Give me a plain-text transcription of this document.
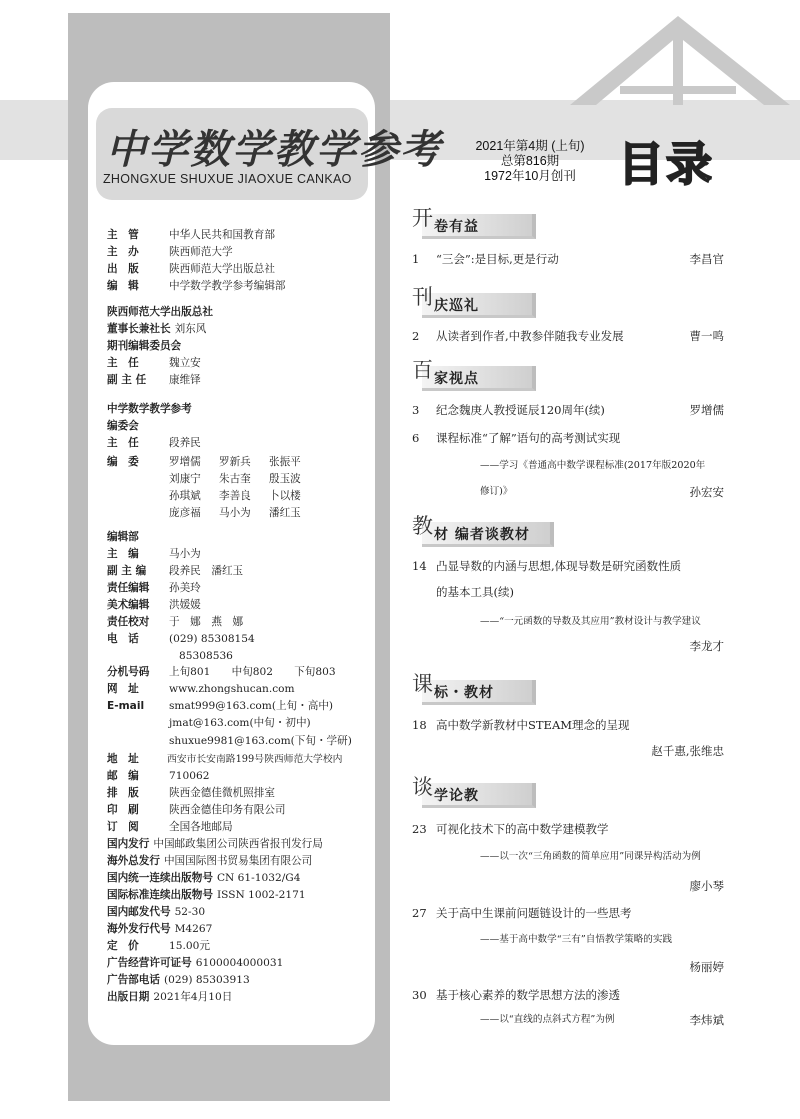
中学数学教学参考
ZHONGXUE SHUXUE JIAOXUE CANKAO
主　管	中华人民共和国教育部
主　办	陕西师范大学
出　版	陕西师范大学出版总社
编　辑	中学数学教学参考编辑部
陕西师范大学出版总社
董事长兼社长 刘东风
期刊编辑委员会
主　任	魏立安
副 主 任 康维铎
中学数学教学参考
编委会
主　任	段养民
编　委	罗增儒 罗新兵 张振平
刘康宁 朱古奎 殷玉波
孙琪斌 李善良 卜以楼
庞彦福 马小为 潘红玉
编辑部
主　编	马小为
副 主 编 段养民　潘红玉
责任编辑 孙美玲
美术编辑 洪媛媛
责任校对 于　娜　燕　娜
电　话	(029) 85308154
85308536
分机号码 上旬801　　中旬802　　下旬803
网　址	www.zhongshucan.com
E-mail smat999@163.com(上旬・高中)
jmat@163.com(中旬・初中)
shuxue9981@163.com(下旬・学研)
地　址	西安市长安南路199号陕西师范大学校内
邮　编	710062
排　版	陕西金德佳微机照排室
印　刷	陕西金德佳印务有限公司
订　阅	全国各地邮局
国内发行 中国邮政集团公司陕西省报刊发行局
海外总发行 中国国际图书贸易集团有限公司
国内统一连续出版物号 CN 61-1032/G4
国际标准连续出版物号 ISSN 1002-2171
国内邮发代号 52-30
海外发行代号 M4267
定　价	15.00元
广告经营许可证号 6100004000031
广告部电话 (029) 85303913
出版日期 2021年4月10日
2021年第4期 (上旬)
总第816期
1972年10月创刊 目录
开 卷有益
刊 庆巡礼
百 家视点
教 材 编者谈教材
课 标・教材
谈 学论教
1 “三会”:是目标,更是行动	李昌官
2 从读者到作者,中教参伴随我专业发展	曹一鸣
3 纪念魏庚人教授诞辰120周年(续)	罗增儒
6 课程标准“了解”语句的高考测试实现
——学习《普通高中数学课程标准(2017年版2020年
修订)》	孙宏安
14 凸显导数的内涵与思想,体现导数是研究函数性质
的基本工具(续)
——“一元函数的导数及其应用”教材设计与教学建议
李龙才
18 高中数学新教材中STEAM理念的呈现
赵千惠,张维忠
23 可视化技术下的高中数学建模教学
——以一次“三角函数的简单应用”同课异构活动为例
廖小琴
27 关于高中生课前问题链设计的一些思考
——基于高中数学“三有”自悟教学策略的实践
杨丽婷
30 基于核心素养的数学思想方法的渗透
——以“直线的点斜式方程”为例	李炜斌
